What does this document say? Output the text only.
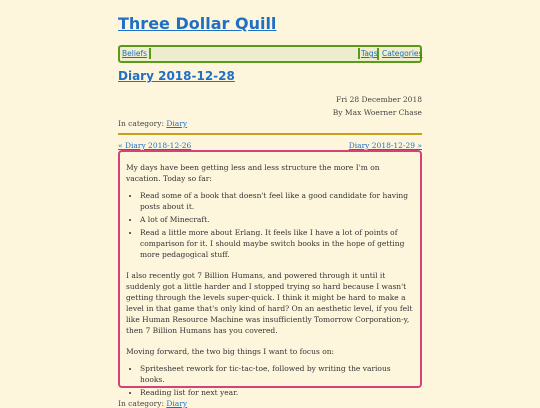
Three Dollar Quill
Beliefs	Tags Categories
Diary 2018-12-28
Fri 28 December 2018
By Max Woerner Chase
In category: Diary
« Diary 2018-12-26	Diary 2018-12-29 »

My days have been getting less and less structure the more I'm on vacation. Today so far:

• Read some of a book that doesn't feel like a good candidate for having posts about it.
• A lot of Minecraft.
• Read a little more about Erlang. It feels like I have a lot of points of comparison for it. I should maybe switch books in the hope of getting more pedagogical stuff.

I also recently got 7 Billion Humans, and powered through it until it suddenly got a little harder and I stopped trying so hard because I wasn't getting through the levels super-quick. I think it might be hard to make a level in that game that's only kind of hard? On an aesthetic level, if you felt like Human Resource Machine was insufficiently Tomorrow Corporation-y, then 7 Billion Humans has you covered.

Moving forward, the two big things I want to focus on:

• Spritesheet rework for tic-tac-toe, followed by writing the various hooks.
• Reading list for next year.
In category: Diary
